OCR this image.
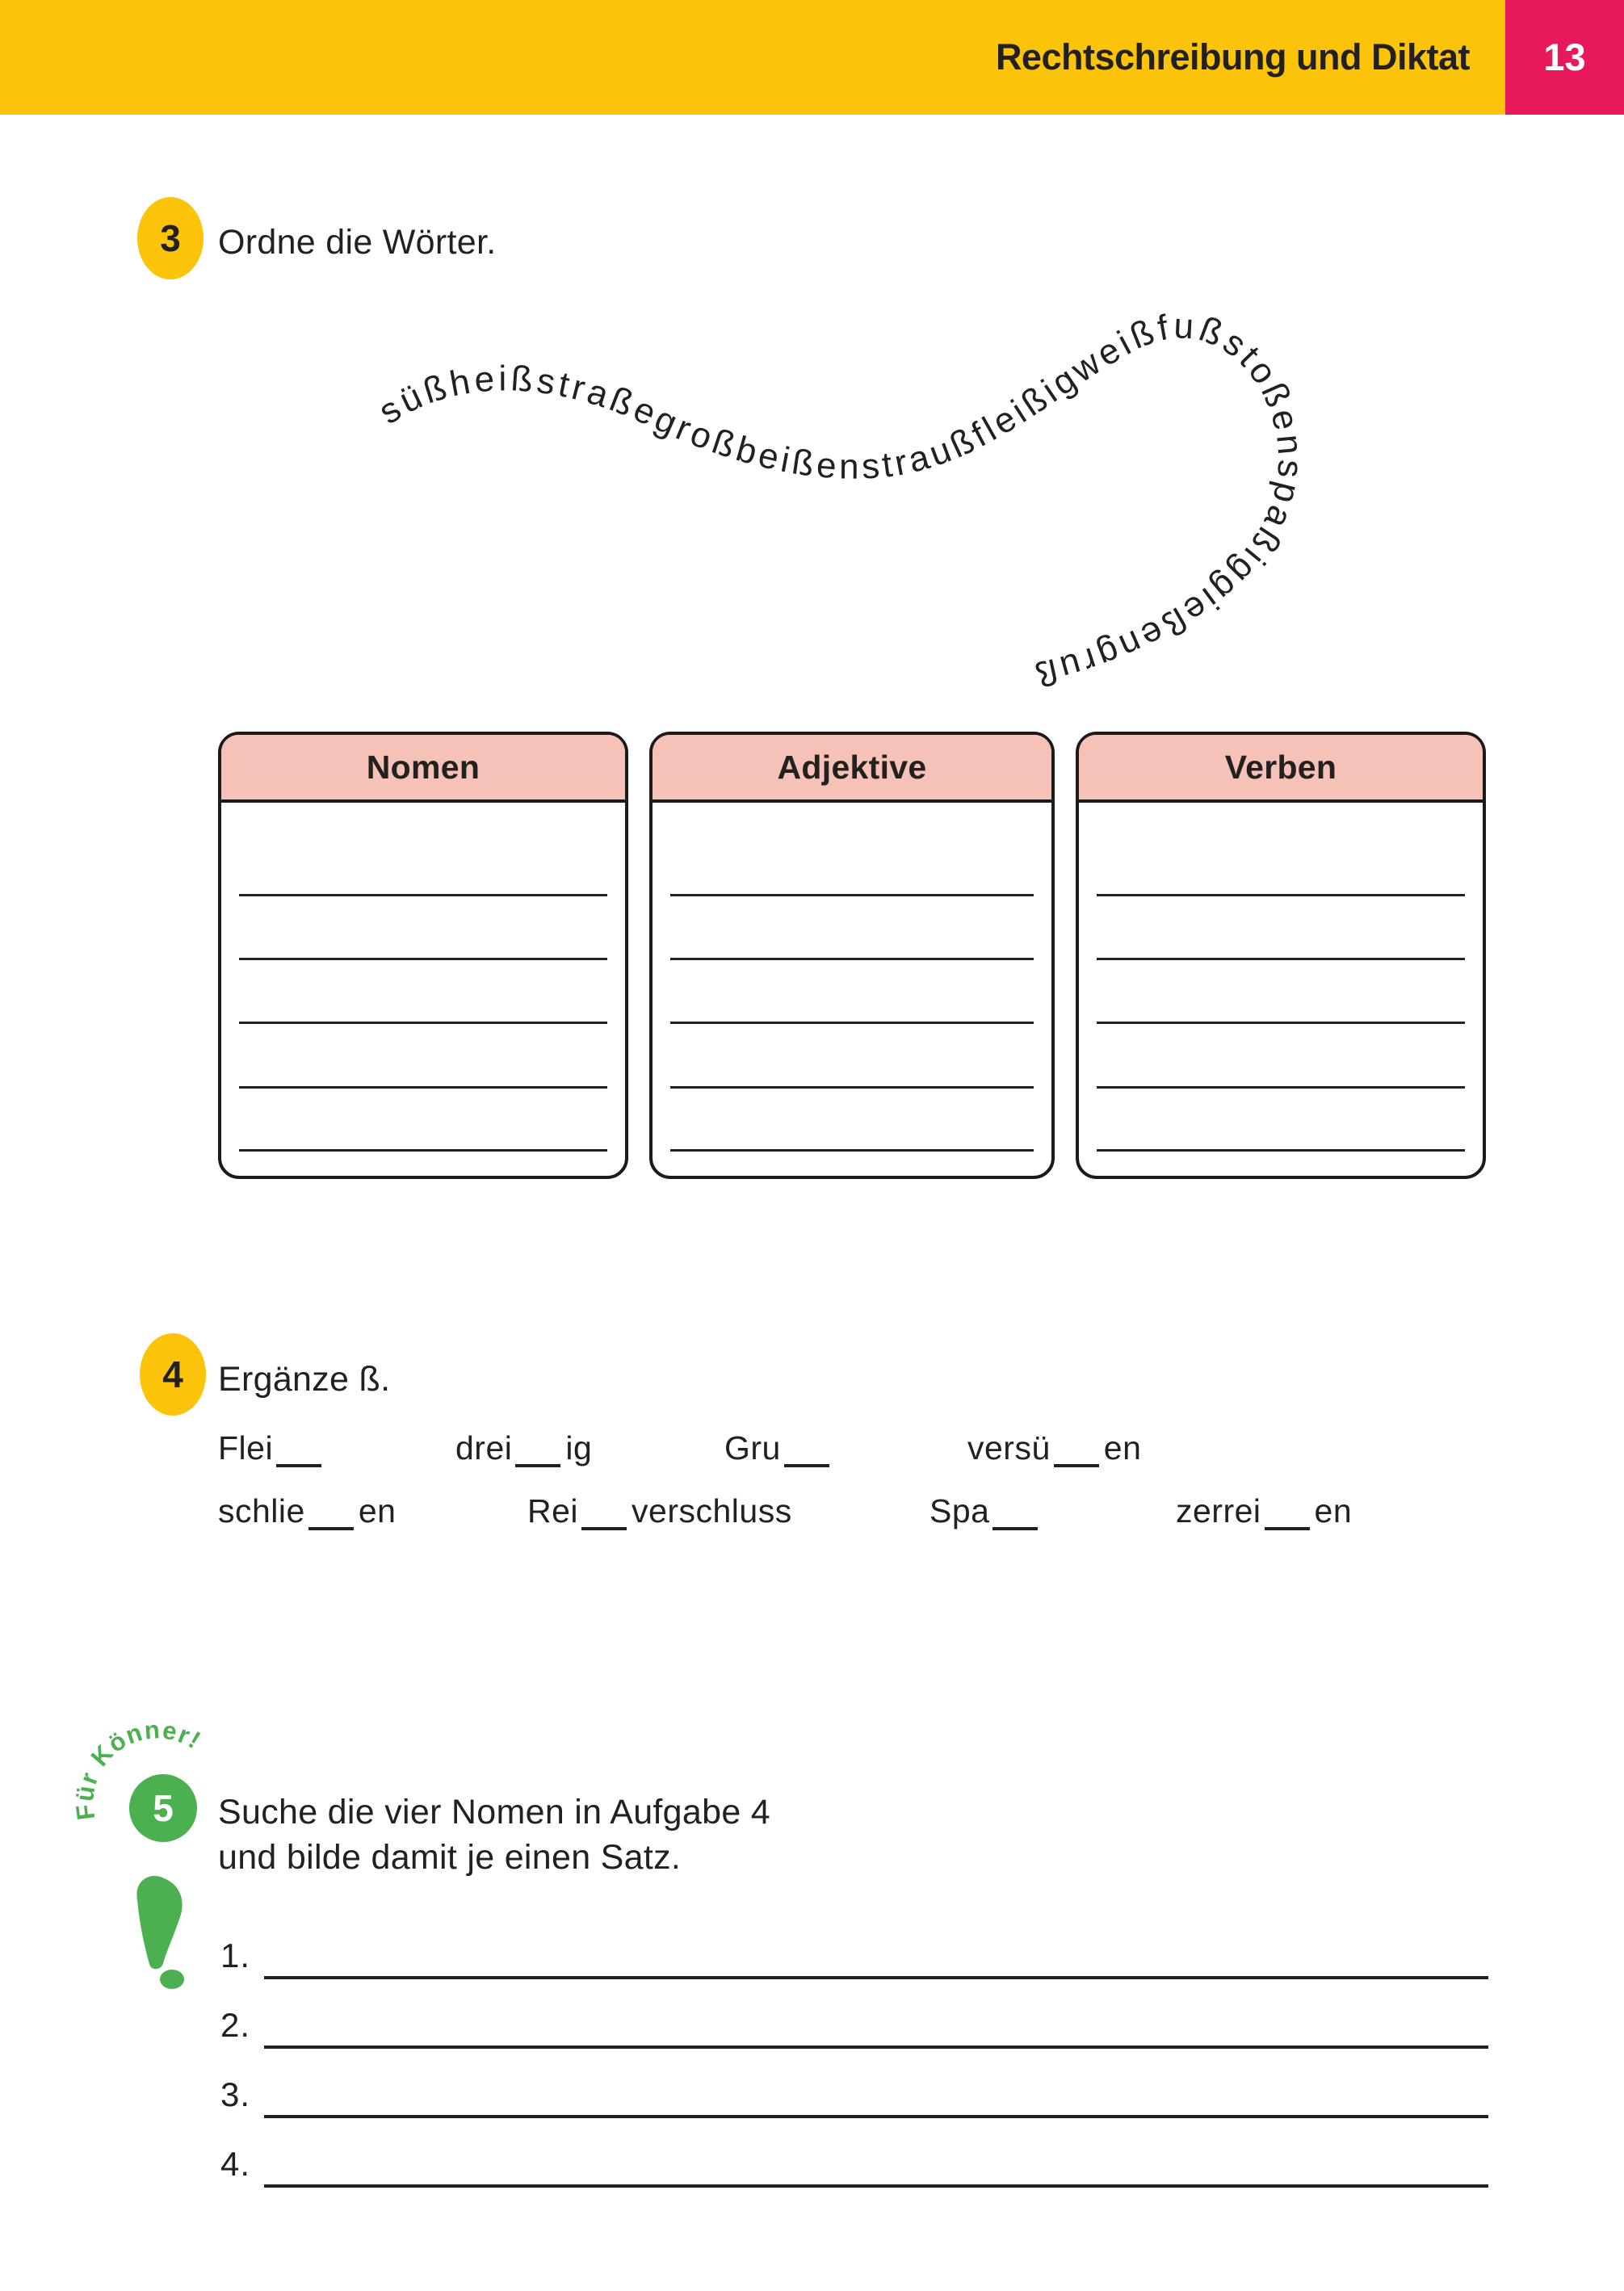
Rechtschreibung und Diktat	13
3 Ordne die Wörter.
süßheißstraßegroßbeißenstraußfleißigweißfußstoßenspaßiggießengruß
Für Könner!
Nomen	Adjektive	Verben
4 Ergänze ß.
Flei	drei ig	Gru	versü en
schlie en	Rei verschluss	Spa	zerrei en
5 Suche die vier Nomen in Aufgabe 4
und bilde damit je einen Satz.
1.
2.
3.
4.
